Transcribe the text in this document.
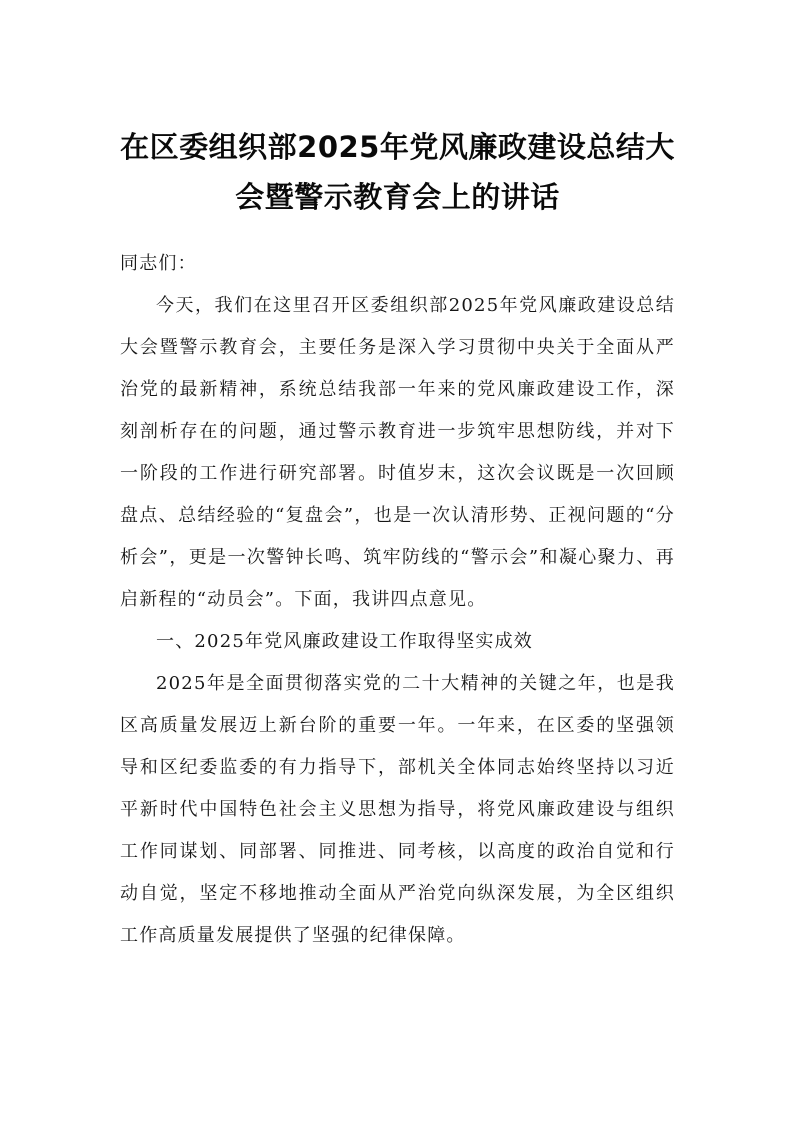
在区委组织部2025年党风廉政建设总结大
会暨警示教育会上的讲话

同志们：

今天，我们在这里召开区委组织部2025年党风廉政建设总结大会暨警示教育会，主要任务是深入学习贯彻中央关于全面从严治党的最新精神，系统总结我部一年来的党风廉政建设工作，深刻剖析存在的问题，通过警示教育进一步筑牢思想防线，并对下一阶段的工作进行研究部署。时值岁末，这次会议既是一次回顾盘点、总结经验的“复盘会”，也是一次认清形势、正视问题的“分析会”，更是一次警钟长鸣、筑牢防线的“警示会”和凝心聚力、再启新程的“动员会”。下面，我讲四点意见。

一、2025年党风廉政建设工作取得坚实成效

2025年是全面贯彻落实党的二十大精神的关键之年，也是我区高质量发展迈上新台阶的重要一年。一年来，在区委的坚强领导和区纪委监委的有力指导下，部机关全体同志始终坚持以习近平新时代中国特色社会主义思想为指导，将党风廉政建设与组织工作同谋划、同部署、同推进、同考核，以高度的政治自觉和行动自觉，坚定不移地推动全面从严治党向纵深发展，为全区组织工作高质量发展提供了坚强的纪律保障。
